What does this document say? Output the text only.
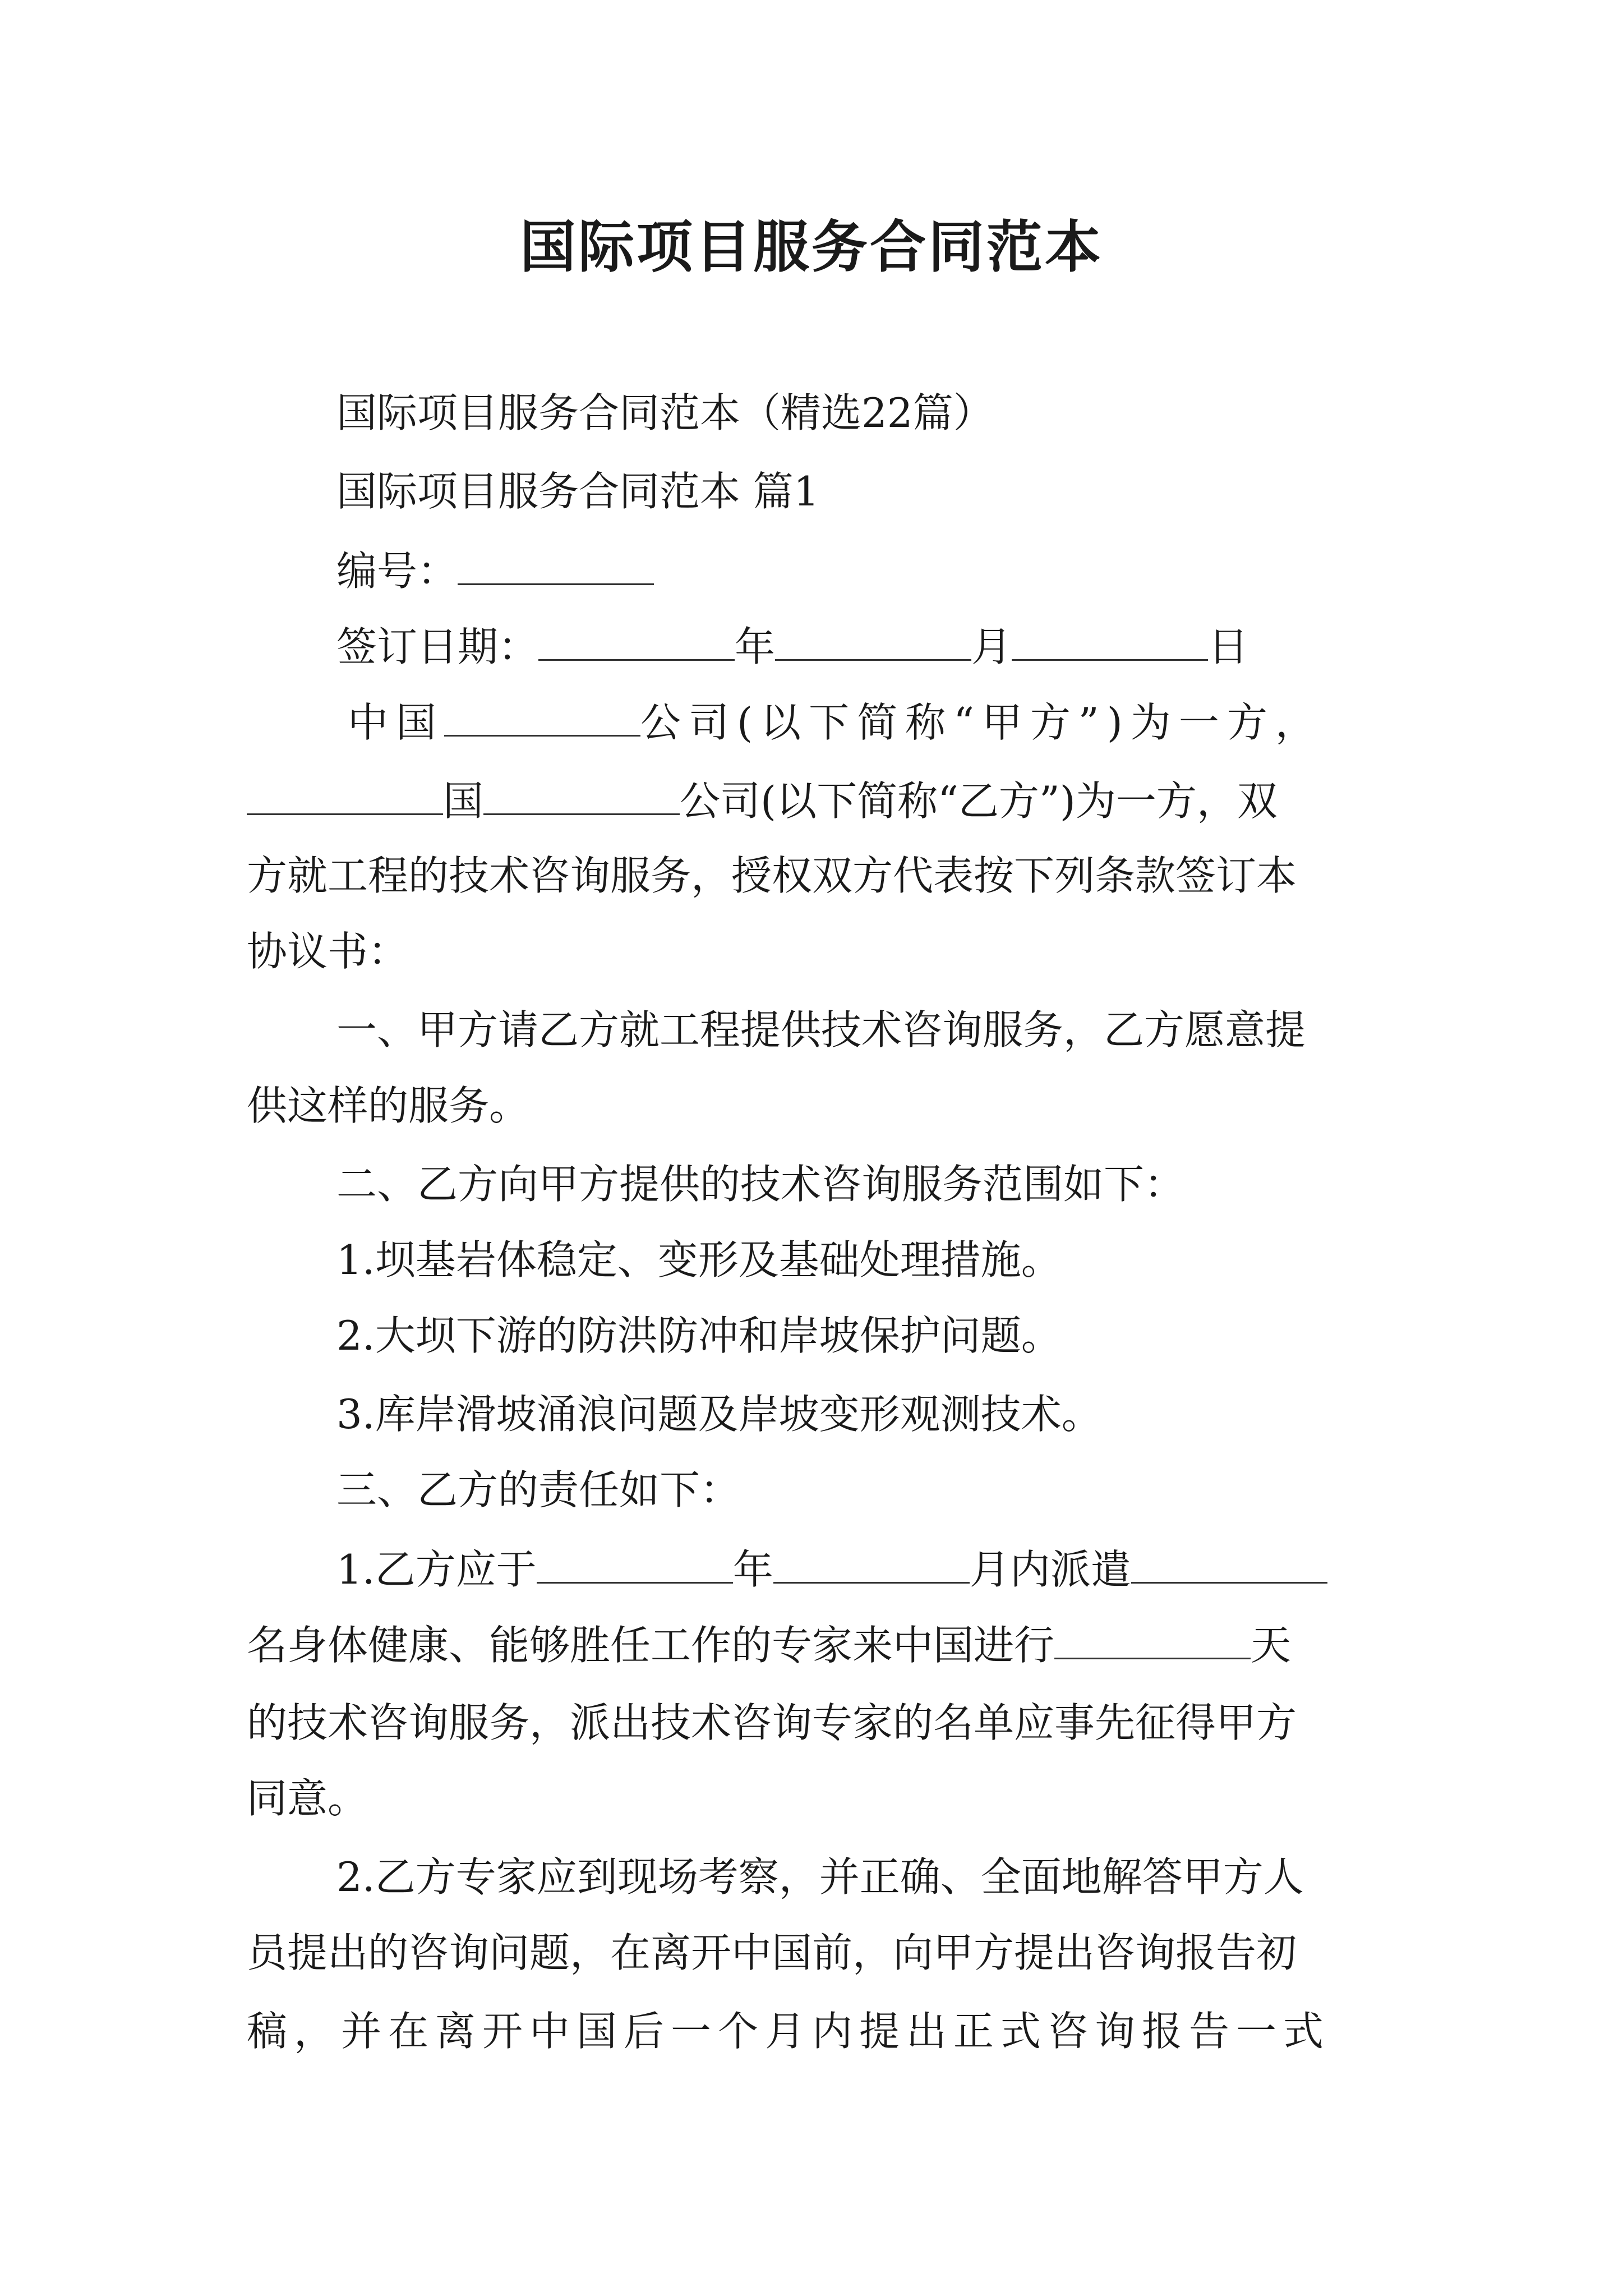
国际项目服务合同范本
国际项目服务合同范本（精选22篇）
国际项目服务合同范本 篇1
编号：
签订日期：	年	月	日
中国	公司(以下简称“甲方”)为一方，
国	公司(以下简称“乙方”)为一方，双
方就工程的技术咨询服务，授权双方代表按下列条款签订本
协议书：
一、甲方请乙方就工程提供技术咨询服务，乙方愿意提
供这样的服务。
二、乙方向甲方提供的技术咨询服务范围如下：
1.坝基岩体稳定、变形及基础处理措施。
2.大坝下游的防洪防冲和岸坡保护问题。
3.库岸滑坡涌浪问题及岸坡变形观测技术。
三、乙方的责任如下：
1.乙方应于	年	月内派遣
名身体健康、能够胜任工作的专家来中国进行	天
的技术咨询服务，派出技术咨询专家的名单应事先征得甲方
同意。
2.乙方专家应到现场考察，并正确、全面地解答甲方人
员提出的咨询问题，在离开中国前，向甲方提出咨询报告初
稿，并在离开中国后一个月内提出正式咨询报告一式
